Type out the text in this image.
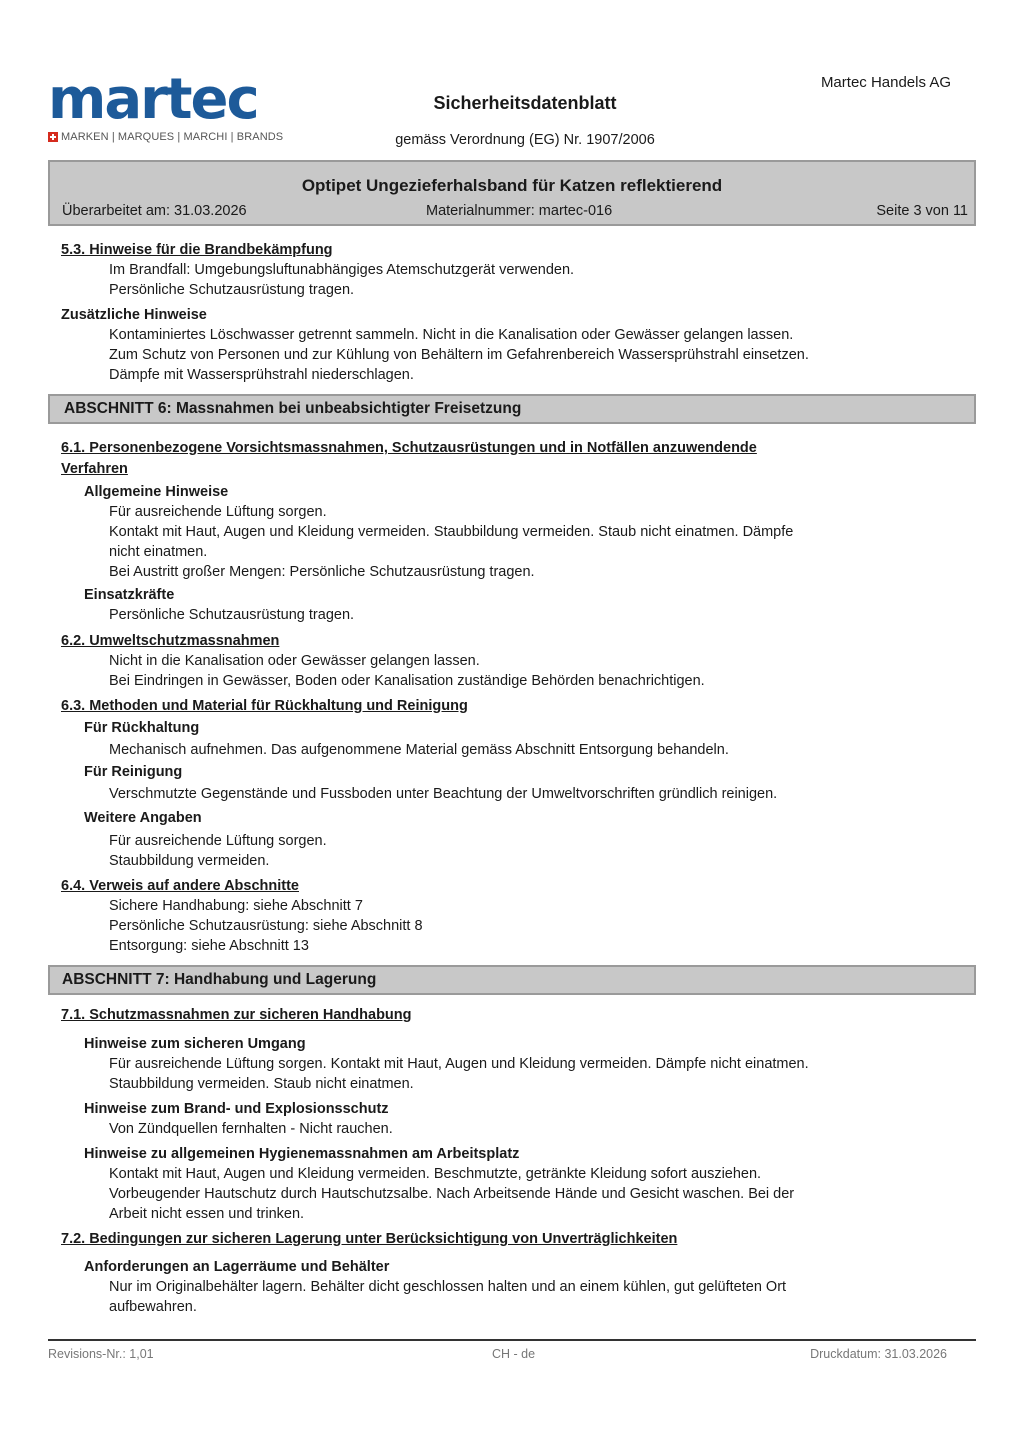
martec
MARKEN | MARQUES | MARCHI | BRANDS
Martec Handels AG
Sicherheitsdatenblatt
gemäss Verordnung (EG) Nr. 1907/2006
Optipet Ungezieferhalsband für Katzen reflektierend
Überarbeitet am: 31.03.2026	Materialnummer: martec-016	Seite 3 von 11
5.3. Hinweise für die Brandbekämpfung
Im Brandfall: Umgebungsluftunabhängiges Atemschutzgerät verwenden.
Persönliche Schutzausrüstung tragen.
Zusätzliche Hinweise
Kontaminiertes Löschwasser getrennt sammeln. Nicht in die Kanalisation oder Gewässer gelangen lassen.
Zum Schutz von Personen und zur Kühlung von Behältern im Gefahrenbereich Wassersprühstrahl einsetzen.
Dämpfe mit Wassersprühstrahl niederschlagen.
ABSCHNITT 6: Massnahmen bei unbeabsichtigter Freisetzung
6.1. Personenbezogene Vorsichtsmassnahmen, Schutzausrüstungen und in Notfällen anzuwendende
Verfahren
Allgemeine Hinweise
Für ausreichende Lüftung sorgen.
Kontakt mit Haut, Augen und Kleidung vermeiden. Staubbildung vermeiden. Staub nicht einatmen. Dämpfe
nicht einatmen.
Bei Austritt großer Mengen: Persönliche Schutzausrüstung tragen.
Einsatzkräfte
Persönliche Schutzausrüstung tragen.
6.2. Umweltschutzmassnahmen
Nicht in die Kanalisation oder Gewässer gelangen lassen.
Bei Eindringen in Gewässer, Boden oder Kanalisation zuständige Behörden benachrichtigen.
6.3. Methoden und Material für Rückhaltung und Reinigung
Für Rückhaltung
Mechanisch aufnehmen. Das aufgenommene Material gemäss Abschnitt Entsorgung behandeln.
Für Reinigung
Verschmutzte Gegenstände und Fussboden unter Beachtung der Umweltvorschriften gründlich reinigen.
Weitere Angaben
Für ausreichende Lüftung sorgen.
Staubbildung vermeiden.
6.4. Verweis auf andere Abschnitte
Sichere Handhabung: siehe Abschnitt 7
Persönliche Schutzausrüstung: siehe Abschnitt 8
Entsorgung: siehe Abschnitt 13
ABSCHNITT 7: Handhabung und Lagerung
7.1. Schutzmassnahmen zur sicheren Handhabung
Hinweise zum sicheren Umgang
Für ausreichende Lüftung sorgen. Kontakt mit Haut, Augen und Kleidung vermeiden. Dämpfe nicht einatmen.
Staubbildung vermeiden. Staub nicht einatmen.
Hinweise zum Brand- und Explosionsschutz
Von Zündquellen fernhalten - Nicht rauchen.
Hinweise zu allgemeinen Hygienemassnahmen am Arbeitsplatz
Kontakt mit Haut, Augen und Kleidung vermeiden. Beschmutzte, getränkte Kleidung sofort ausziehen.
Vorbeugender Hautschutz durch Hautschutzsalbe. Nach Arbeitsende Hände und Gesicht waschen. Bei der
Arbeit nicht essen und trinken.
7.2. Bedingungen zur sicheren Lagerung unter Berücksichtigung von Unverträglichkeiten
Anforderungen an Lagerräume und Behälter
Nur im Originalbehälter lagern. Behälter dicht geschlossen halten und an einem kühlen, gut gelüfteten Ort
aufbewahren.
Revisions-Nr.: 1,01	CH - de	Druckdatum: 31.03.2026
